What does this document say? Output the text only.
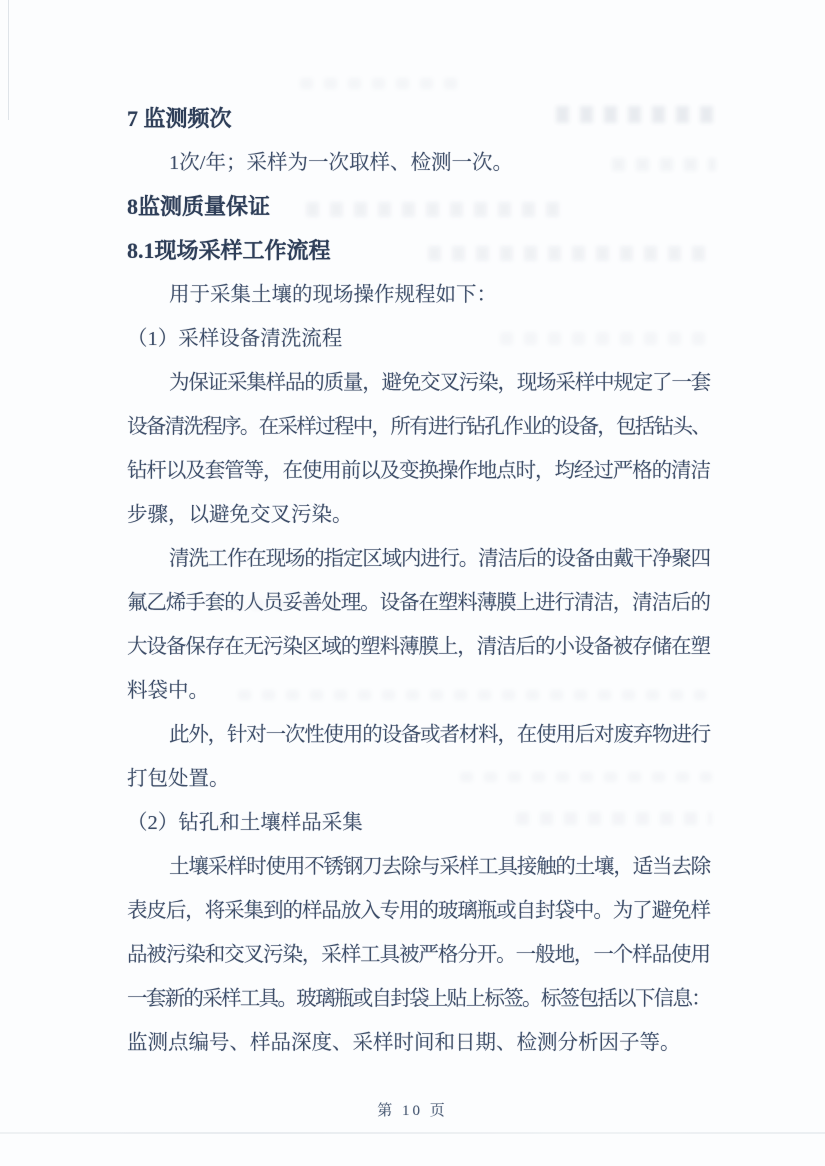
7 监测频次
1次/年；采样为一次取样、检测一次。
8监测质量保证
8.1现场采样工作流程
用于采集土壤的现场操作规程如下：
（1）采样设备清洗流程
为保证采集样品的质量，避免交叉污染，现场采样中规定了一套
设备清洗程序。在采样过程中，所有进行钻孔作业的设备，包括钻头、
钻杆以及套管等，在使用前以及变换操作地点时，均经过严格的清洁
步骤，以避免交叉污染。
清洗工作在现场的指定区域内进行。清洁后的设备由戴干净聚四
氟乙烯手套的人员妥善处理。设备在塑料薄膜上进行清洁，清洁后的
大设备保存在无污染区域的塑料薄膜上，清洁后的小设备被存储在塑
料袋中。
此外，针对一次性使用的设备或者材料，在使用后对废弃物进行
打包处置。
（2）钻孔和土壤样品采集
土壤采样时使用不锈钢刀去除与采样工具接触的土壤，适当去除
表皮后，将采集到的样品放入专用的玻璃瓶或自封袋中。为了避免样
品被污染和交叉污染，采样工具被严格分开。一般地，一个样品使用
一套新的采样工具。玻璃瓶或自封袋上贴上标签。标签包括以下信息：
监测点编号、样品深度、采样时间和日期、检测分析因子等。
第 10 页
